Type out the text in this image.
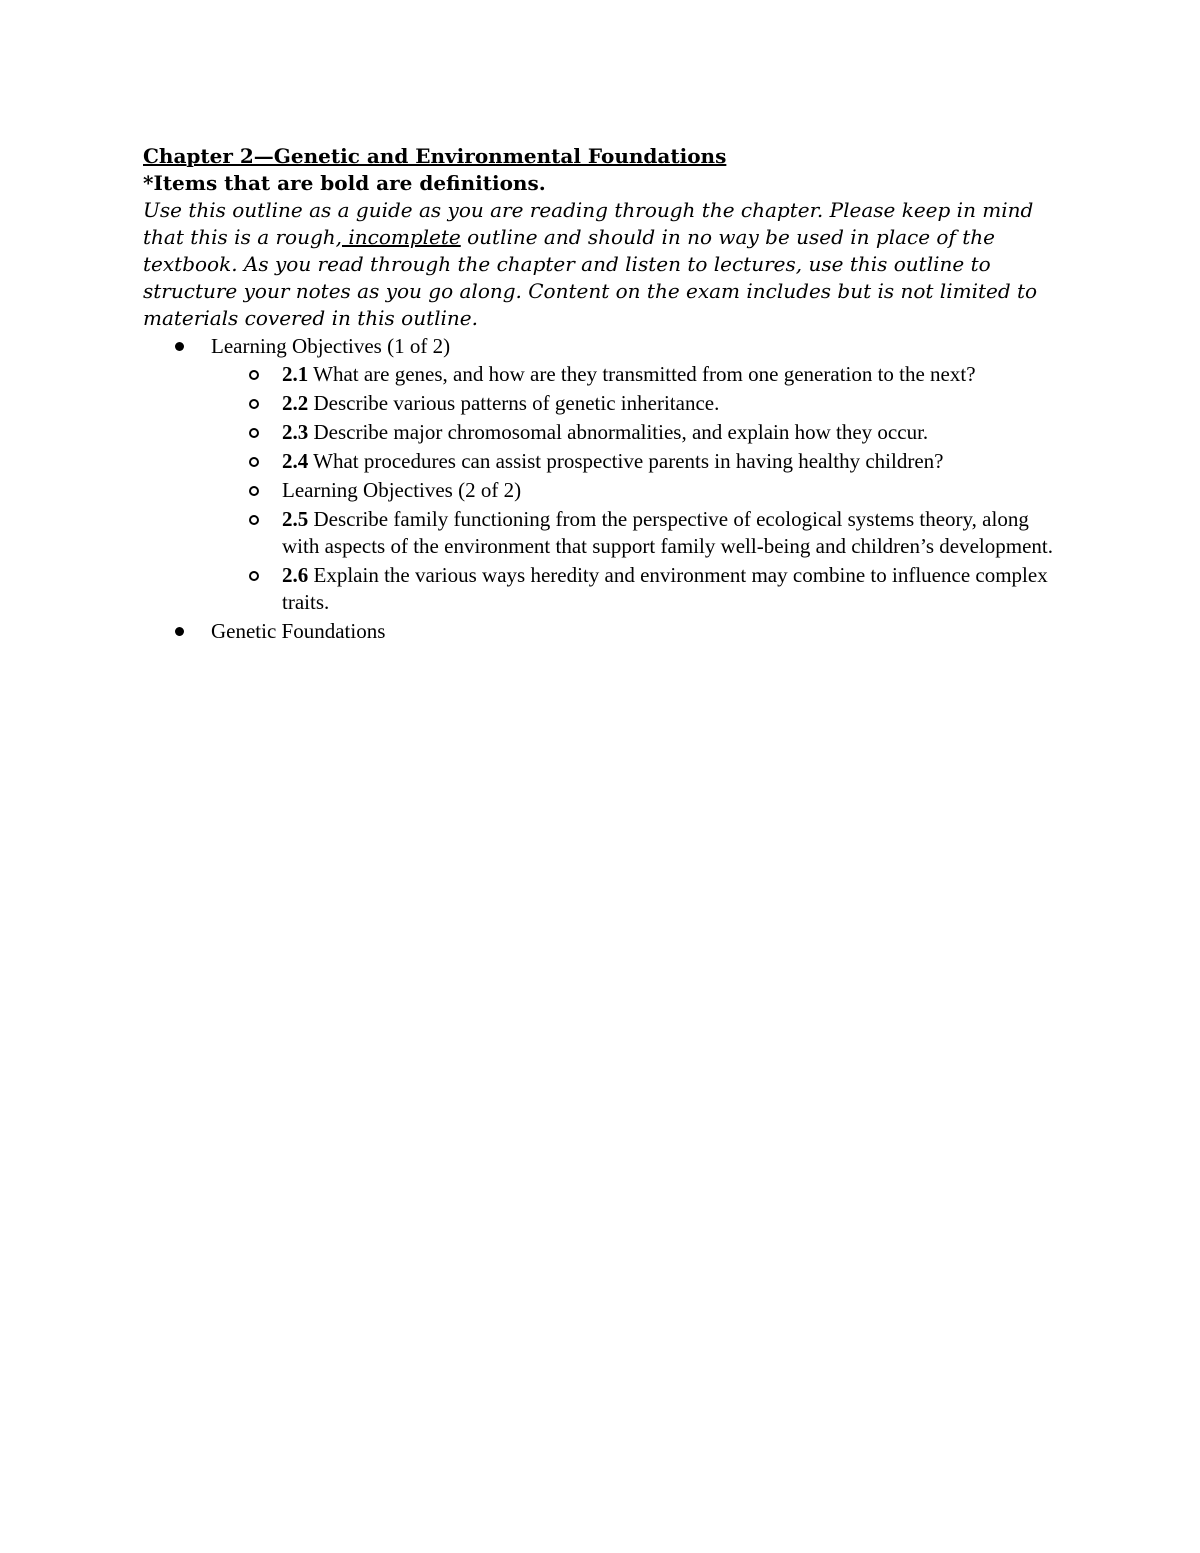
Chapter 2—Genetic and Environmental Foundations

*Items that are bold are definitions.

Use this outline as a guide as you are reading through the chapter. Please keep in mind that this is a rough, incomplete outline and should in no way be used in place of the textbook. As you read through the chapter and listen to lectures, use this outline to structure your notes as you go along. Content on the exam includes but is not limited to materials covered in this outline.

Learning Objectives (1 of 2)
2.1 What are genes, and how are they transmitted from one generation to the next?
2.2 Describe various patterns of genetic inheritance.
2.3 Describe major chromosomal abnormalities, and explain how they occur.
2.4 What procedures can assist prospective parents in having healthy children?
Learning Objectives (2 of 2)
2.5 Describe family functioning from the perspective of ecological systems theory, along with aspects of the environment that support family well-being and children’s development.
2.6 Explain the various ways heredity and environment may combine to influence complex traits.
Genetic Foundations
